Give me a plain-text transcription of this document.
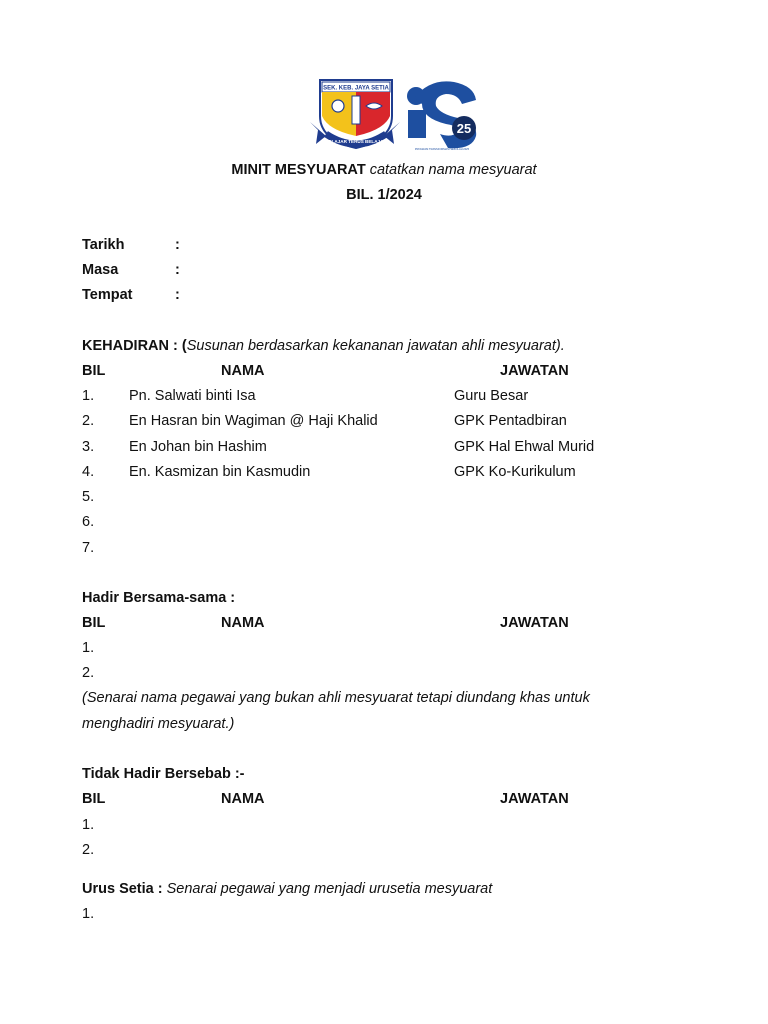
SEK. KEB. JAYA SETIA
BELAJAR TERUS BELAJAR
25
PROGRAM TRANSFORMASI SEKOLAH 2025
MINIT MESYUARAT catatkan nama mesyuarat
BIL. 1/2024
Tarikh	:
Masa	:
Tempat	:
KEHADIRAN : (Susunan berdasarkan kekananan jawatan ahli mesyuarat).
BIL	NAMA	JAWATAN
1. Pn. Salwati binti Isa	Guru Besar
2. En Hasran bin Wagiman @ Haji Khalid	GPK Pentadbiran
3. En Johan bin Hashim	GPK Hal Ehwal Murid
4. En. Kasmizan bin Kasmudin	GPK Ko-Kurikulum
5.
6.
7.
Hadir Bersama-sama :
BIL	NAMA	JAWATAN
1.
2.
(Senarai nama pegawai yang bukan ahli mesyuarat tetapi diundang khas untuk
menghadiri mesyuarat.)
Tidak Hadir Bersebab :-
BIL	NAMA	JAWATAN
1.
2.
Urus Setia : Senarai pegawai yang menjadi urusetia mesyuarat
1.
